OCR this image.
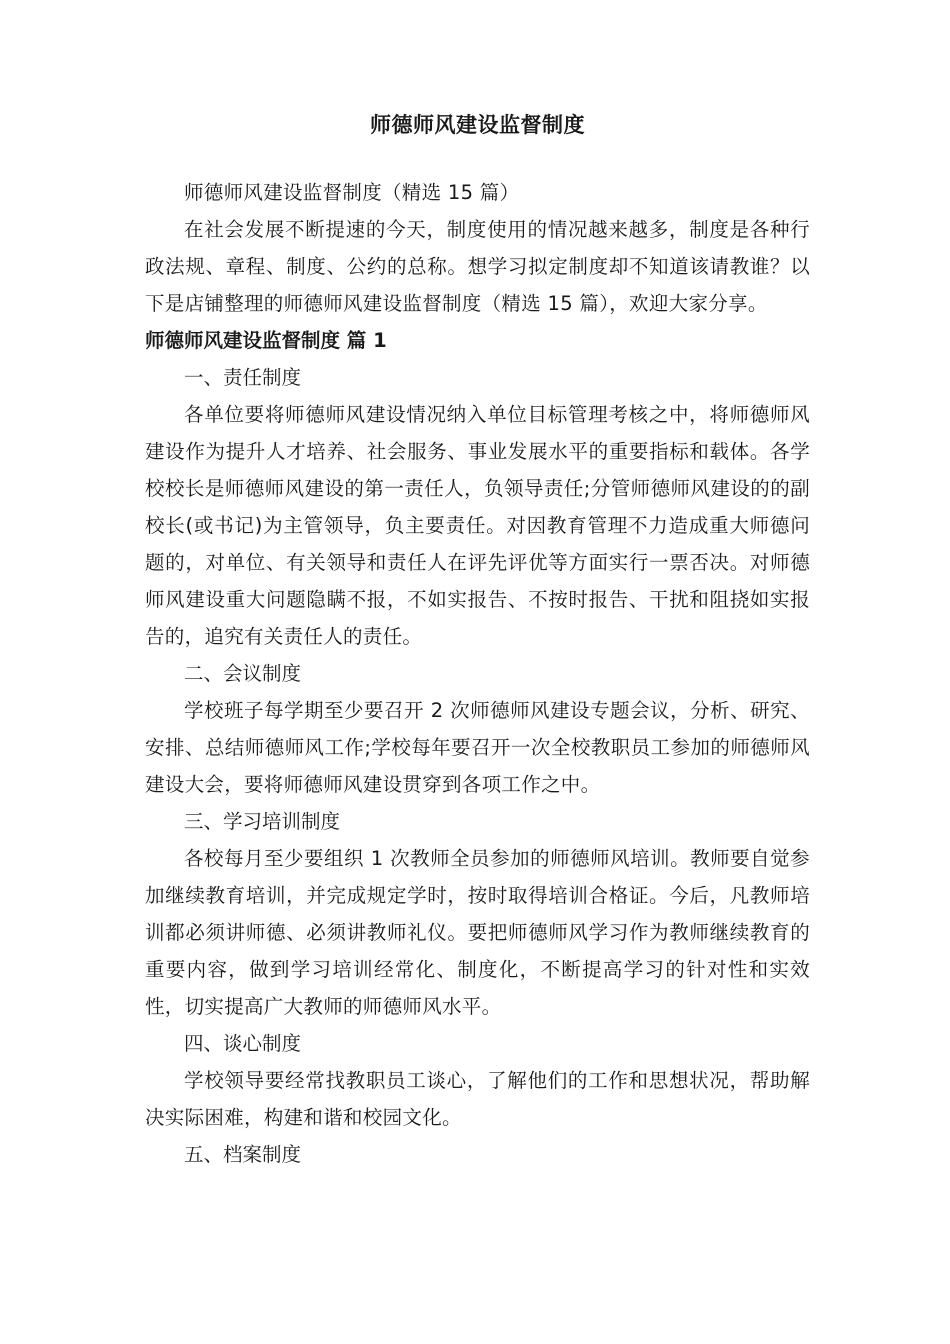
师德师风建设监督制度

师德师风建设监督制度（精选 15 篇）

在社会发展不断提速的今天，制度使用的情况越来越多，制度是各种行政法规、章程、制度、公约的总称。想学习拟定制度却不知道该请教谁？以下是店铺整理的师德师风建设监督制度（精选 15 篇），欢迎大家分享。

师德师风建设监督制度 篇 1

一、责任制度

各单位要将师德师风建设情况纳入单位目标管理考核之中，将师德师风建设作为提升人才培养、社会服务、事业发展水平的重要指标和载体。各学校校长是师德师风建设的第一责任人，负领导责任;分管师德师风建设的的副校长(或书记)为主管领导，负主要责任。对因教育管理不力造成重大师德问题的，对单位、有关领导和责任人在评先评优等方面实行一票否决。对师德师风建设重大问题隐瞒不报，不如实报告、不按时报告、干扰和阻挠如实报告的，追究有关责任人的责任。

二、会议制度

学校班子每学期至少要召开 2 次师德师风建设专题会议，分析、研究、安排、总结师德师风工作;学校每年要召开一次全校教职员工参加的师德师风建设大会，要将师德师风建设贯穿到各项工作之中。

三、学习培训制度

各校每月至少要组织 1 次教师全员参加的师德师风培训。教师要自觉参加继续教育培训，并完成规定学时，按时取得培训合格证。今后，凡教师培训都必须讲师德、必须讲教师礼仪。要把师德师风学习作为教师继续教育的重要内容，做到学习培训经常化、制度化，不断提高学习的针对性和实效性，切实提高广大教师的师德师风水平。

四、谈心制度

学校领导要经常找教职员工谈心，了解他们的工作和思想状况，帮助解决实际困难，构建和谐和校园文化。

五、档案制度
